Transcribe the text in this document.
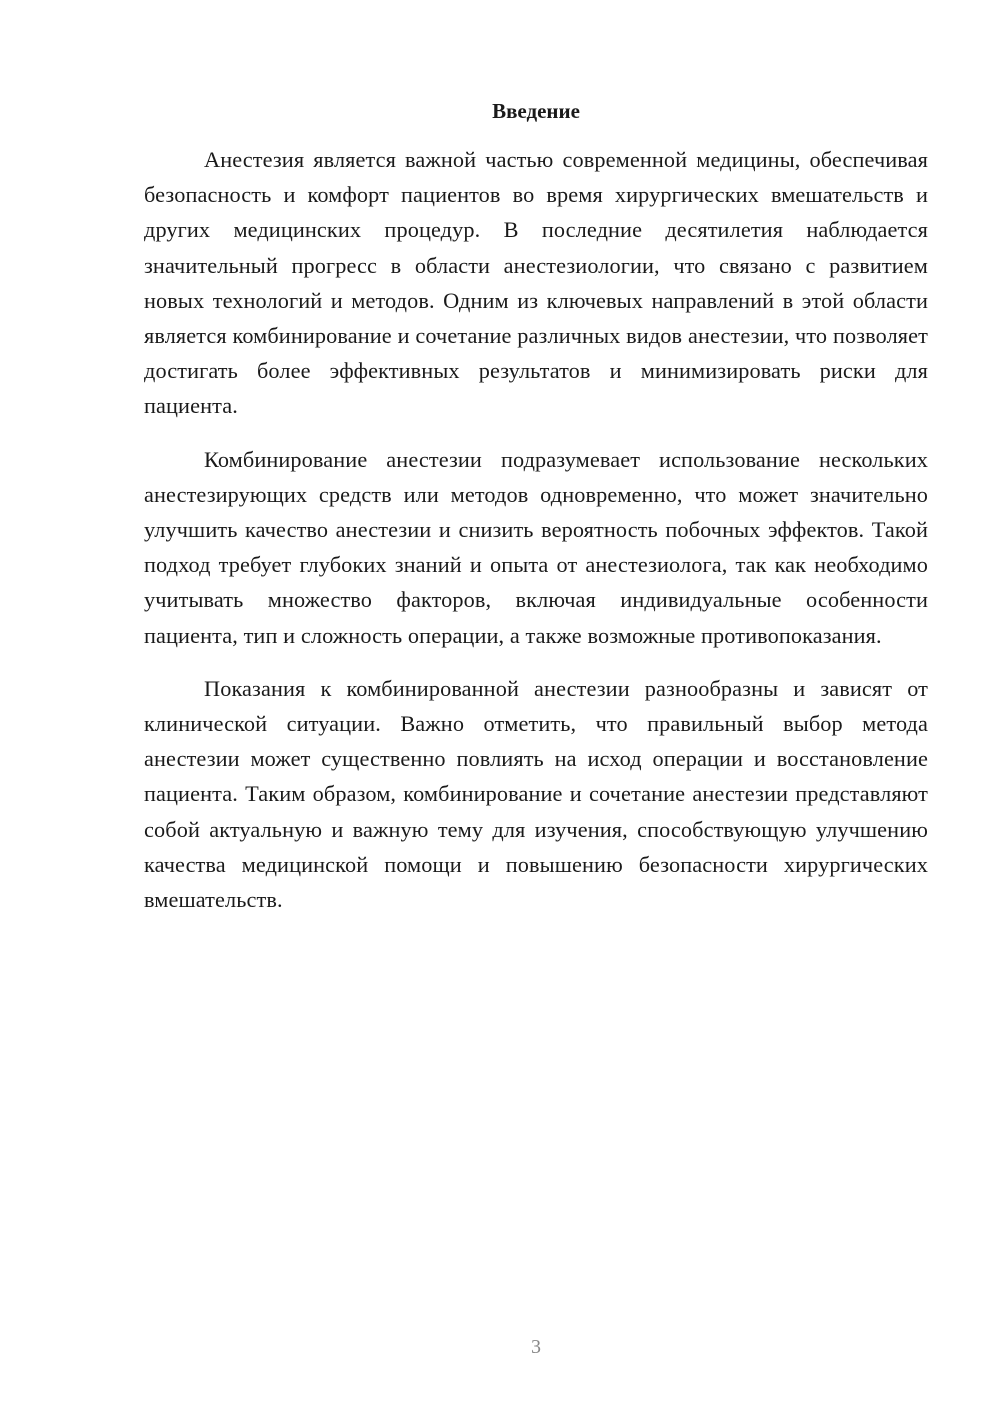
Введение

Анестезия является важной частью современной медицины, обеспечивая безопасность и комфорт пациентов во время хирургических вмешательств и других медицинских процедур. В последние десятилетия наблюдается значительный прогресс в области анестезиологии, что связано с развитием новых технологий и методов. Одним из ключевых направлений в этой области является комбинирование и сочетание различных видов анестезии, что позволяет достигать более эффективных результатов и минимизировать риски для пациента.

Комбинирование анестезии подразумевает использование нескольких анестезирующих средств или методов одновременно, что может значительно улучшить качество анестезии и снизить вероятность побочных эффектов. Такой подход требует глубоких знаний и опыта от анестезиолога, так как необходимо учитывать множество факторов, включая индивидуальные особенности пациента, тип и сложность операции, а также возможные противопоказания.

Показания к комбинированной анестезии разнообразны и зависят от клинической ситуации. Важно отметить, что правильный выбор метода анестезии может существенно повлиять на исход операции и восстановление пациента. Таким образом, комбинирование и сочетание анестезии представляют собой актуальную и важную тему для изучения, способствующую улучшению качества медицинской помощи и повышению безопасности хирургических вмешательств.

3
